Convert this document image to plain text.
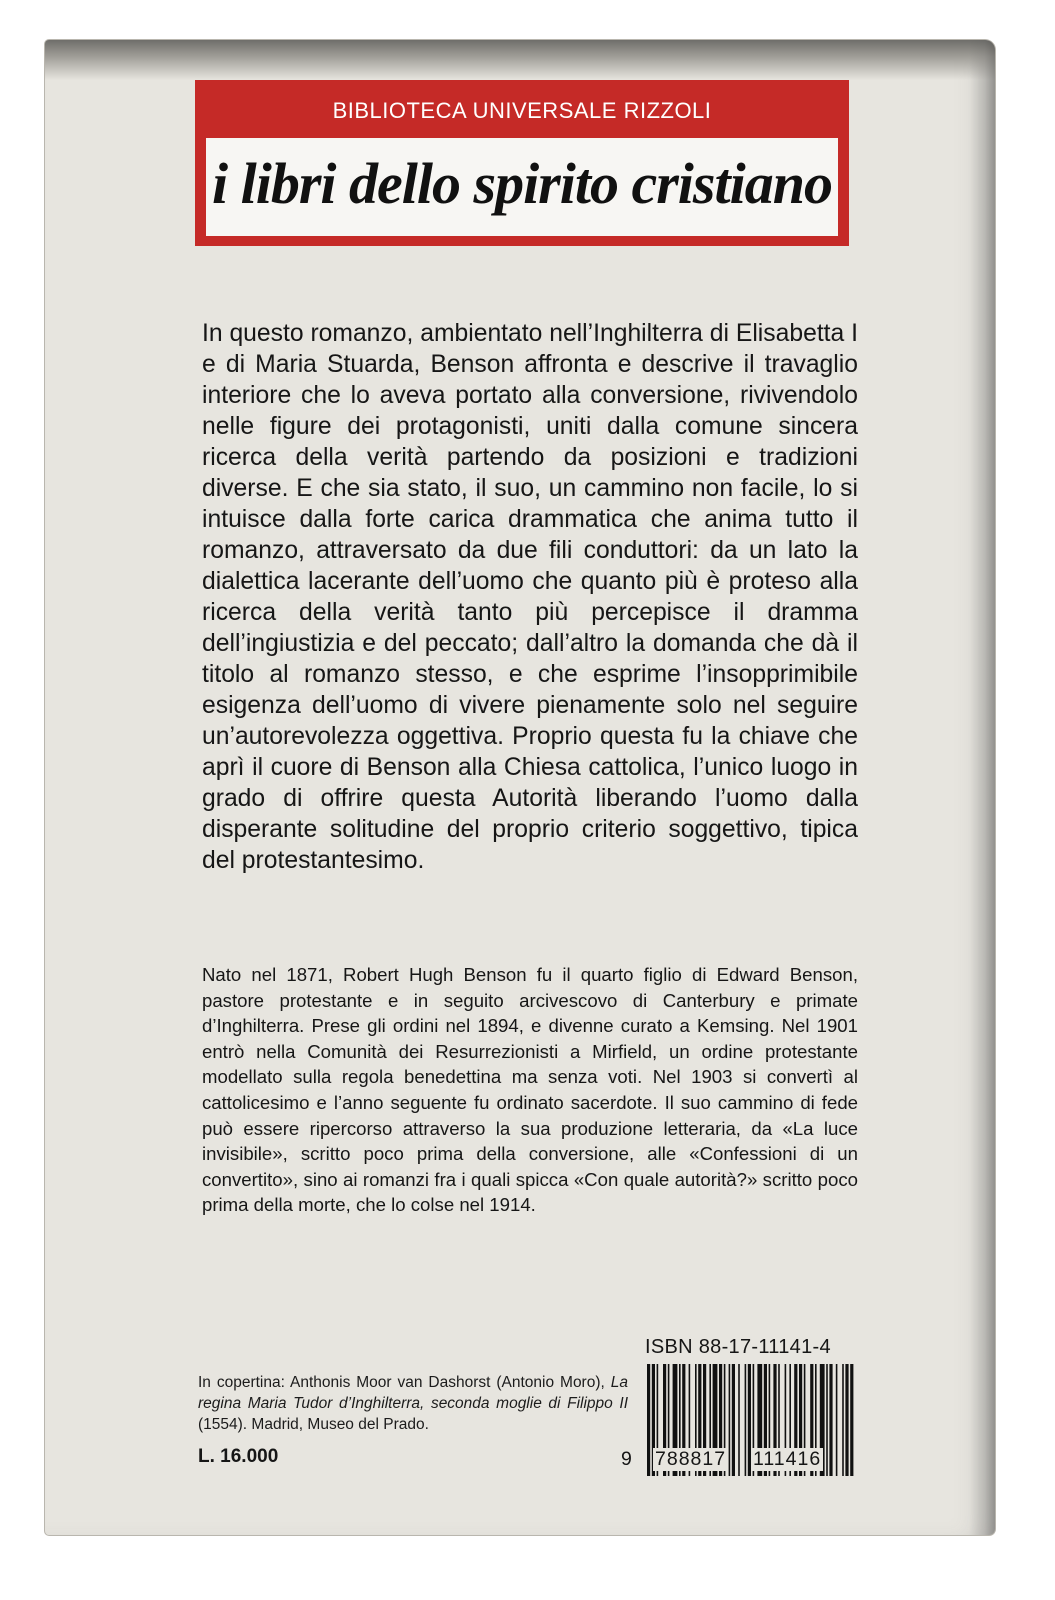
BIBLIOTECA UNIVERSALE RIZZOLI
i libri dello spirito cristiano

In questo romanzo, ambientato nell’Inghilterra di Elisabetta I e di Maria Stuarda, Benson affronta e descrive il travaglio interiore che lo aveva portato alla conversione, rivivendolo nelle figure dei protagonisti, uniti dalla comune sincera ricerca della verità partendo da posizioni e tradizioni diverse. E che sia stato, il suo, un cammino non facile, lo si intuisce dalla forte carica drammatica che anima tutto il romanzo, attraversato da due fili conduttori: da un lato la dialettica lacerante dell’uomo che quanto più è proteso alla ricerca della verità tanto più percepisce il dramma dell’ingiustizia e del peccato; dall’altro la domanda che dà il titolo al romanzo stesso, e che esprime l’insopprimibile esigenza dell’uomo di vivere pienamente solo nel seguire un’autorevolezza oggettiva. Proprio questa fu la chiave che aprì il cuore di Benson alla Chiesa cattolica, l’unico luogo in grado di offrire questa Autorità liberando l’uomo dalla disperante solitudine del proprio criterio soggettivo, tipica del protestantesimo.

Nato nel 1871, Robert Hugh Benson fu il quarto figlio di Edward Benson, pastore protestante e in seguito arcivescovo di Canterbury e primate d’Inghilterra. Prese gli ordini nel 1894, e divenne curato a Kemsing. Nel 1901 entrò nella Comunità dei Resurrezionisti a Mirfield, un ordine protestante modellato sulla regola benedettina ma senza voti. Nel 1903 si convertì al cattolicesimo e l’anno seguente fu ordinato sacerdote. Il suo cammino di fede può essere ripercorso attraverso la sua produzione letteraria, da «La luce invisibile», scritto poco prima della conversione, alle «Confessioni di un convertito», sino ai romanzi fra i quali spicca «Con quale autorità?» scritto poco prima della morte, che lo colse nel 1914.

ISBN 88-17-11141-4

In copertina: Anthonis Moor van Dashorst (Antonio Moro), La regina Maria Tudor d’Inghilterra, seconda moglie di Filippo II (1554). Madrid, Museo del Prado.

L. 16.000	9 788817 111416
